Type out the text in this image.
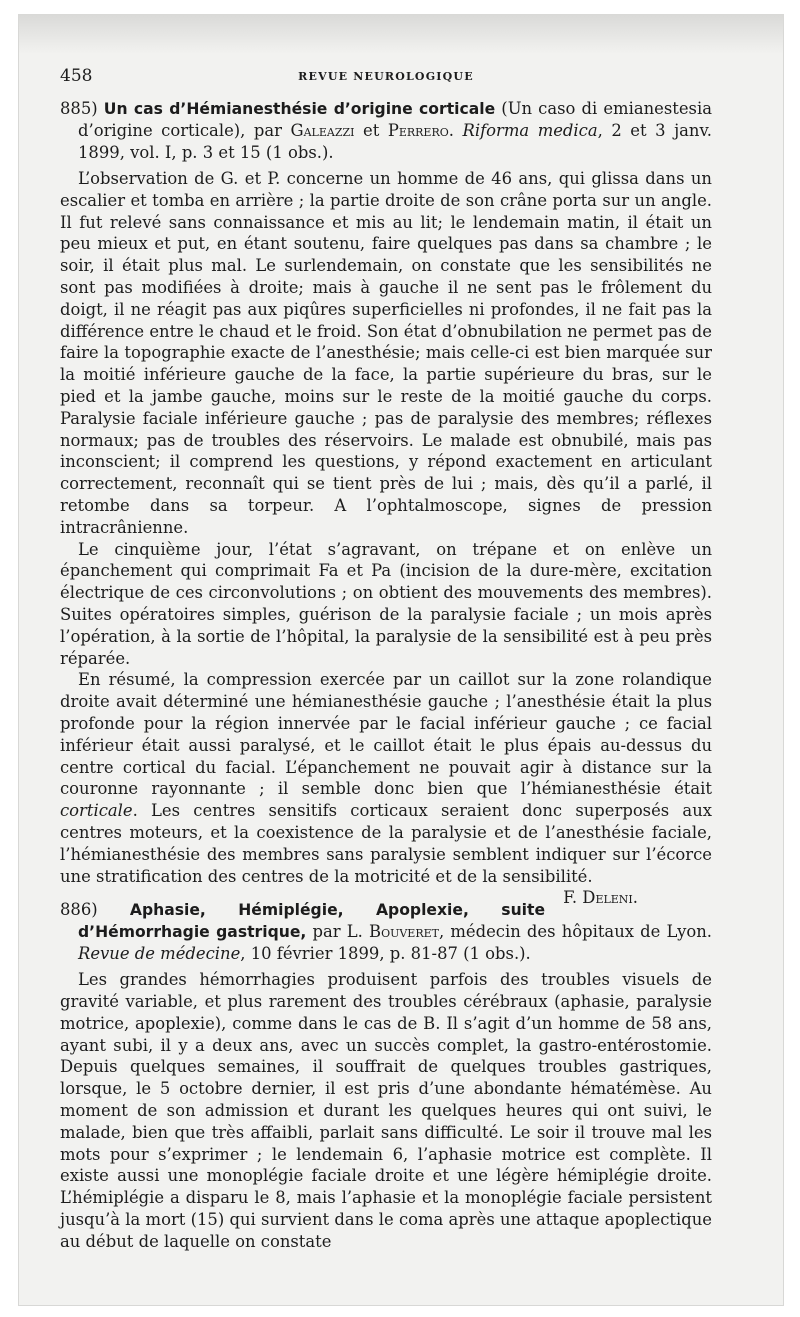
458	REVUE NEUROLOGIQUE

885) Un cas d’Hémianesthésie d’origine corticale (Un caso di emianestesia d’origine corticale), par Galeazzi et Perrero. Riforma medica, 2 et 3 janv. 1899, vol. I, p. 3 et 15 (1 obs.).

L’observation de G. et P. concerne un homme de 46 ans, qui glissa dans un escalier et tomba en arrière ; la partie droite de son crâne porta sur un angle. Il fut relevé sans connaissance et mis au lit; le lendemain matin, il était un peu mieux et put, en étant soutenu, faire quelques pas dans sa chambre ; le soir, il était plus mal. Le surlendemain, on constate que les sensibilités ne sont pas modifiées à droite; mais à gauche il ne sent pas le frôlement du doigt, il ne réagit pas aux piqûres superficielles ni profondes, il ne fait pas la différence entre le chaud et le froid. Son état d’obnubilation ne permet pas de faire la topographie exacte de l’anesthésie; mais celle-ci est bien marquée sur la moitié inférieure gauche de la face, la partie supérieure du bras, sur le pied et la jambe gauche, moins sur le reste de la moitié gauche du corps. Paralysie faciale inférieure gauche ; pas de paralysie des membres; réflexes normaux; pas de troubles des réservoirs. Le malade est obnubilé, mais pas inconscient; il comprend les questions, y répond exactement en articulant correctement, reconnaît qui se tient près de lui ; mais, dès qu’il a parlé, il retombe dans sa torpeur. A l’ophtalmoscope, signes de pression intracrânienne.

Le cinquième jour, l’état s’agravant, on trépane et on enlève un épanchement qui comprimait Fa et Pa (incision de la dure-mère, excitation électrique de ces circonvolutions ; on obtient des mouvements des membres). Suites opératoires simples, guérison de la paralysie faciale ; un mois après l’opération, à la sortie de l’hôpital, la paralysie de la sensibilité est à peu près réparée.

En résumé, la compression exercée par un caillot sur la zone rolandique droite avait déterminé une hémianesthésie gauche ; l’anesthésie était la plus profonde pour la région innervée par le facial inférieur gauche ; ce facial inférieur était aussi paralysé, et le caillot était le plus épais au-dessus du centre cortical du facial. L’épanchement ne pouvait agir à distance sur la couronne rayonnante ; il semble donc bien que l’hémianesthésie était corticale. Les centres sensitifs corticaux seraient donc superposés aux centres moteurs, et la coexistence de la paralysie et de l’anesthésie faciale, l’hémianesthésie des membres sans paralysie semblent indiquer sur l’écorce une stratification des centres de la motricité et de la sensibilité.
F. Deleni.

886) Aphasie, Hémiplégie, Apoplexie, suite d’Hémorrhagie gastrique, par L. Bouveret, médecin des hôpitaux de Lyon. Revue de médecine, 10 février 1899, p. 81-87 (1 obs.).

Les grandes hémorrhagies produisent parfois des troubles visuels de gravité variable, et plus rarement des troubles cérébraux (aphasie, paralysie motrice, apoplexie), comme dans le cas de B. Il s’agit d’un homme de 58 ans, ayant subi, il y a deux ans, avec un succès complet, la gastro-entérostomie. Depuis quelques semaines, il souffrait de quelques troubles gastriques, lorsque, le 5 octobre dernier, il est pris d’une abondante hématémèse. Au moment de son admission et durant les quelques heures qui ont suivi, le malade, bien que très affaibli, parlait sans difficulté. Le soir il trouve mal les mots pour s’exprimer ; le lendemain 6, l’aphasie motrice est complète. Il existe aussi une monoplégie faciale droite et une légère hémiplégie droite. L’hémiplégie a disparu le 8, mais l’aphasie et la monoplégie faciale persistent jusqu’à la mort (15) qui survient dans le coma après une attaque apoplectique au début de laquelle on constate
